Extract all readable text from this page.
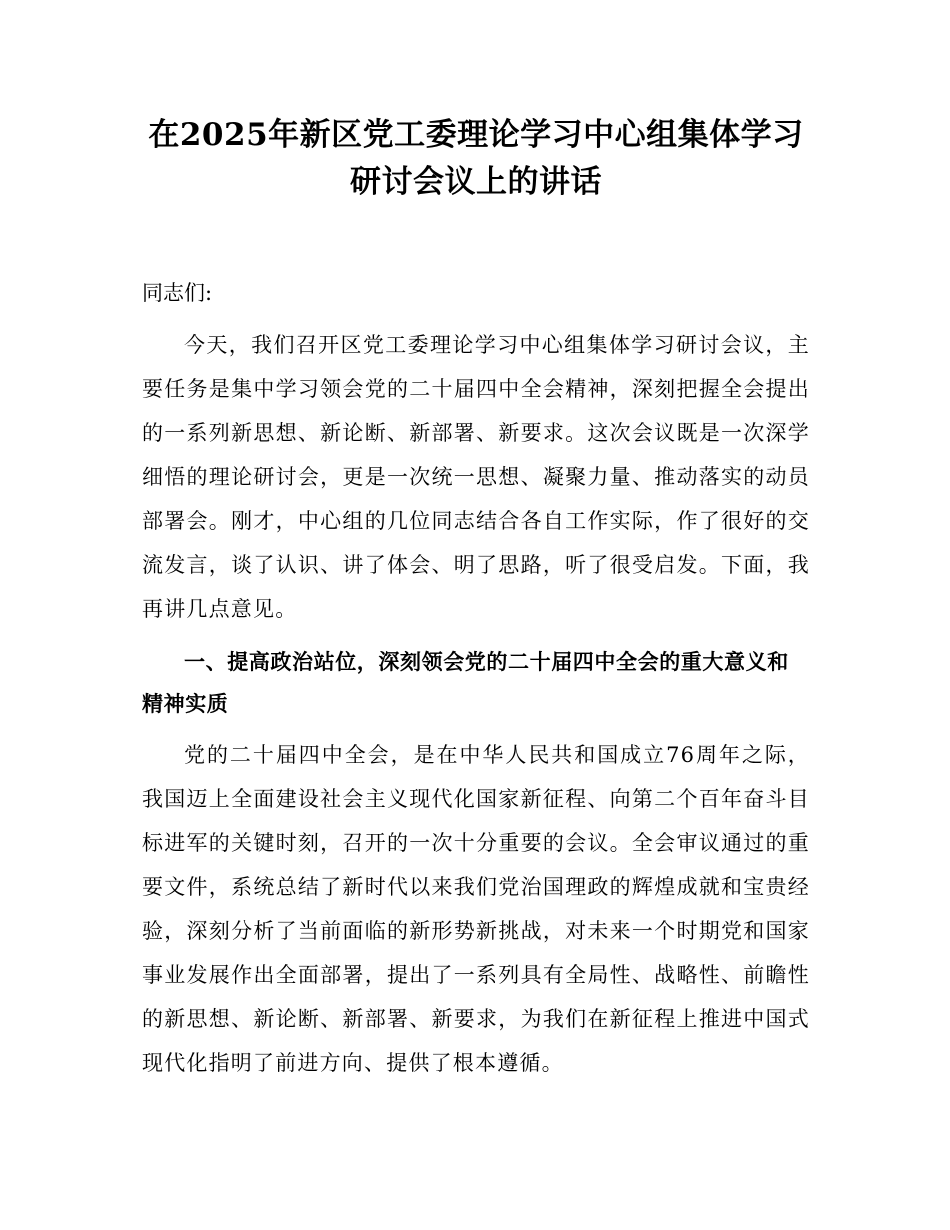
在2025年新区党工委理论学习中心组集体学习研讨会议上的讲话

同志们:

今天，我们召开区党工委理论学习中心组集体学习研讨会议，主要任务是集中学习领会党的二十届四中全会精神，深刻把握全会提出的一系列新思想、新论断、新部署、新要求。这次会议既是一次深学细悟的理论研讨会，更是一次统一思想、凝聚力量、推动落实的动员部署会。刚才，中心组的几位同志结合各自工作实际，作了很好的交流发言，谈了认识、讲了体会、明了思路，听了很受启发。下面，我再讲几点意见。

一、提高政治站位，深刻领会党的二十届四中全会的重大意义和精神实质

党的二十届四中全会，是在中华人民共和国成立76周年之际，我国迈上全面建设社会主义现代化国家新征程、向第二个百年奋斗目标进军的关键时刻，召开的一次十分重要的会议。全会审议通过的重要文件，系统总结了新时代以来我们党治国理政的辉煌成就和宝贵经验，深刻分析了当前面临的新形势新挑战，对未来一个时期党和国家事业发展作出全面部署，提出了一系列具有全局性、战略性、前瞻性的新思想、新论断、新部署、新要求，为我们在新征程上推进中国式现代化指明了前进方向、提供了根本遵循。
